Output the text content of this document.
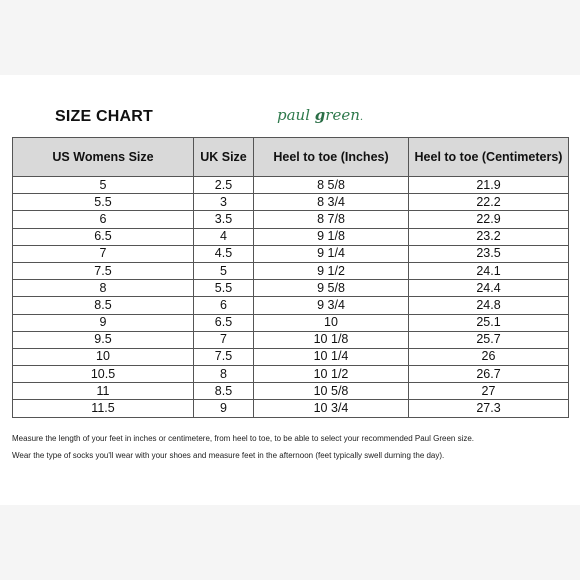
SIZE CHART	paul green.
US Womens Size	UK Size	Heel to toe (Inches)	Heel to toe (Centimeters)
5	2.5	8 5/8	21.9
5.5	3	8 3/4	22.2
6	3.5	8 7/8	22.9
6.5	4	9 1/8	23.2
7	4.5	9 1/4	23.5
7.5	5	9 1/2	24.1
8	5.5	9 5/8	24.4
8.5	6	9 3/4	24.8
9	6.5	10	25.1
9.5	7	10 1/8	25.7
10	7.5	10 1/4	26
10.5	8	10 1/2	26.7
11	8.5	10 5/8	27
11.5	9	10 3/4	27.3
Measure the length of your feet in inches or centimetere, from heel to toe, to be able to select your recommended Paul Green size.
Wear the type of socks you'll wear with your shoes and measure feet in the afternoon (feet typically swell durning the day).
